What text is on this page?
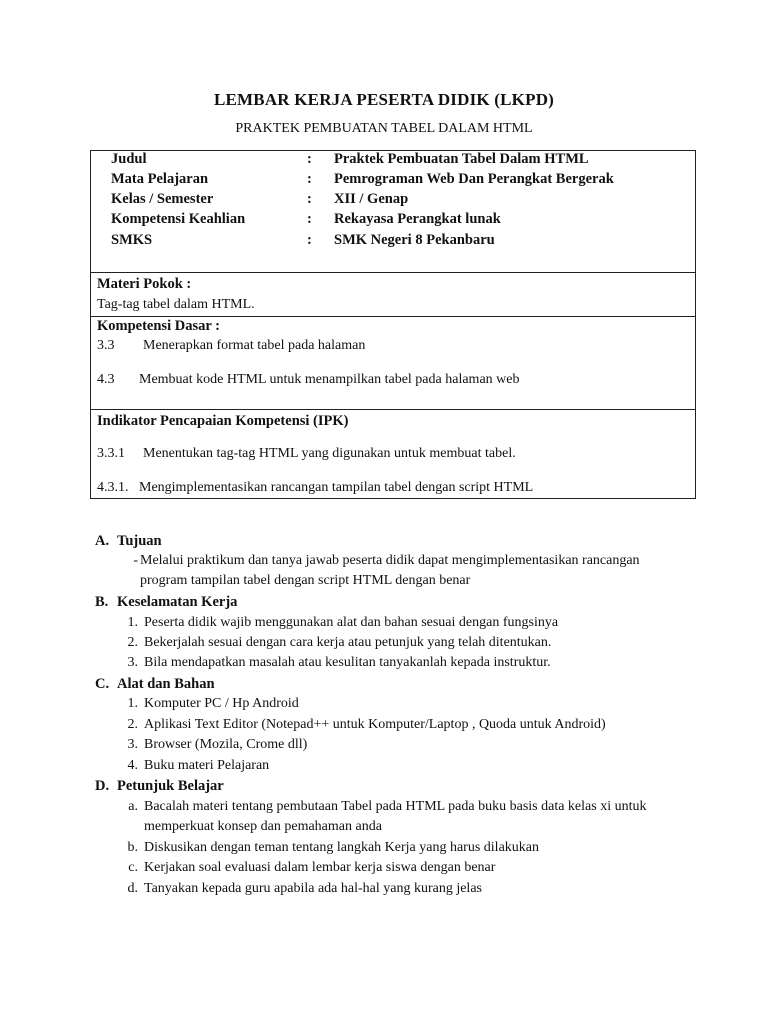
LEMBAR KERJA PESERTA DIDIK (LKPD)
PRAKTEK PEMBUATAN TABEL DALAM HTML
Judul	: Praktek Pembuatan Tabel Dalam HTML
Mata Pelajaran	: Pemrograman Web Dan Perangkat Bergerak
Kelas / Semester	: XII / Genap
Kompetensi Keahlian	: Rekayasa Perangkat lunak
SMKS	: SMK Negeri 8 Pekanbaru
Materi Pokok :
Tag-tag tabel dalam HTML.
Kompetensi Dasar :
3.3 Menerapkan format tabel pada halaman
4.3 Membuat kode HTML untuk menampilkan tabel pada halaman web
Indikator Pencapaian Kompetensi (IPK)
3.3.1 Menentukan tag-tag HTML yang digunakan untuk membuat tabel.
4.3.1. Mengimplementasikan rancangan tampilan tabel dengan script HTML
A. Tujuan
- Melalui praktikum dan tanya jawab peserta didik dapat mengimplementasikan rancangan
program tampilan tabel dengan script HTML dengan benar
B. Keselamatan Kerja
1. Peserta didik wajib menggunakan alat dan bahan sesuai dengan fungsinya
2. Bekerjalah sesuai dengan cara kerja atau petunjuk yang telah ditentukan.
3. Bila mendapatkan masalah atau kesulitan tanyakanlah kepada instruktur.
C. Alat dan Bahan
1. Komputer PC / Hp Android
2. Aplikasi Text Editor (Notepad++ untuk Komputer/Laptop , Quoda untuk Android)
3. Browser (Mozila, Crome dll)
4. Buku materi Pelajaran
D. Petunjuk Belajar
a. Bacalah materi tentang pembutaan Tabel pada HTML pada buku basis data kelas xi untuk
memperkuat konsep dan pemahaman anda
b. Diskusikan dengan teman tentang langkah Kerja yang harus dilakukan
c. Kerjakan soal evaluasi dalam lembar kerja siswa dengan benar
d. Tanyakan kepada guru apabila ada hal-hal yang kurang jelas
